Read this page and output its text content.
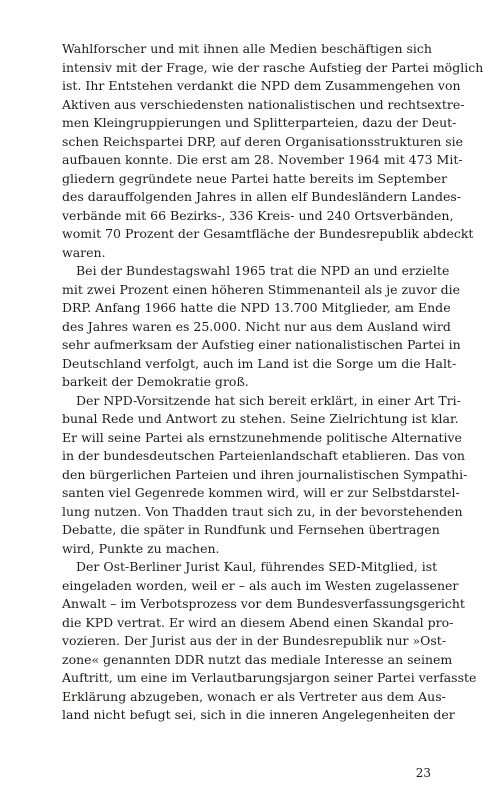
Wahlforscher und mit ihnen alle Medien beschäftigen sich
intensiv mit der Frage, wie der rasche Aufstieg der Partei möglich
ist. Ihr Entstehen verdankt die NPD dem Zusammengehen von
Aktiven aus verschiedensten nationalistischen und rechtsextre-
men Kleingruppierungen und Splitterparteien, dazu der Deut-
schen Reichspartei DRP, auf deren Organisationsstrukturen sie
aufbauen konnte. Die erst am 28. November 1964 mit 473 Mit-
gliedern gegründete neue Partei hatte bereits im September
des darauffolgenden Jahres in allen elf Bundesländern Landes-
verbände mit 66 Bezirks-, 336 Kreis- und 240 Ortsverbänden,
womit 70 Prozent der Gesamtfläche der Bundesrepublik abdeckt
waren.
Bei der Bundestagswahl 1965 trat die NPD an und erzielte
mit zwei Prozent einen höheren Stimmenanteil als je zuvor die
DRP. Anfang 1966 hatte die NPD 13.700 Mitglieder, am Ende
des Jahres waren es 25.000. Nicht nur aus dem Ausland wird
sehr aufmerksam der Aufstieg einer nationalistischen Partei in
Deutschland verfolgt, auch im Land ist die Sorge um die Halt-
barkeit der Demokratie groß.
Der NPD-Vorsitzende hat sich bereit erklärt, in einer Art Tri-
bunal Rede und Antwort zu stehen. Seine Zielrichtung ist klar.
Er will seine Partei als ernstzunehmende politische Alternative
in der bundesdeutschen Parteienlandschaft etablieren. Das von
den bürgerlichen Parteien und ihren journalistischen Sympathi-
santen viel Gegenrede kommen wird, will er zur Selbstdarstel-
lung nutzen. Von Thadden traut sich zu, in der bevorstehenden
Debatte, die später in Rundfunk und Fernsehen übertragen
wird, Punkte zu machen.
Der Ost-Berliner Jurist Kaul, führendes SED-Mitglied, ist
eingeladen worden, weil er – als auch im Westen zugelassener
Anwalt – im Verbotsprozess vor dem Bundesverfassungsgericht
die KPD vertrat. Er wird an diesem Abend einen Skandal pro-
vozieren. Der Jurist aus der in der Bundesrepublik nur »Ost-
zone« genannten DDR nutzt das mediale Interesse an seinem
Auftritt, um eine im Verlautbarungsjargon seiner Partei verfasste
Erklärung abzugeben, wonach er als Vertreter aus dem Aus-
land nicht befugt sei, sich in die inneren Angelegenheiten der
23
